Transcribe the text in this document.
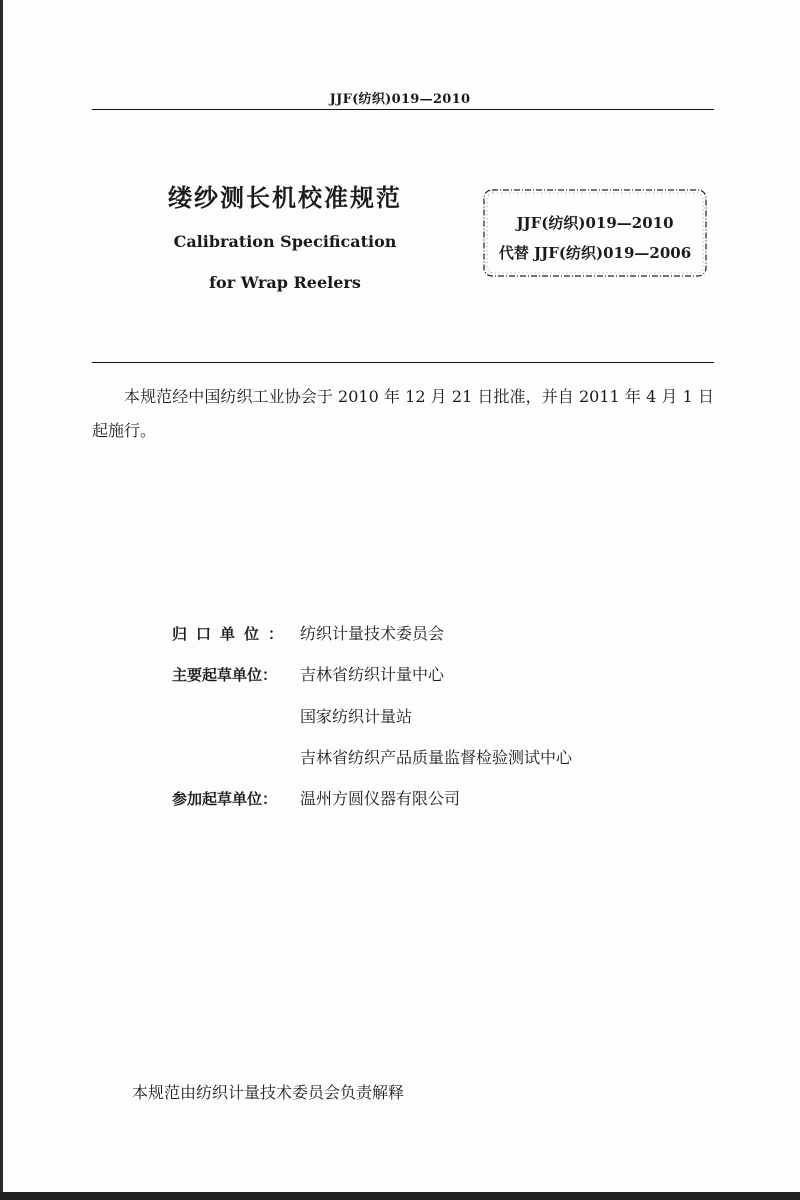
JJF(纺织)019—2010
缕纱测长机校准规范
Calibration Specification
for Wrap Reelers
JJF(纺织)019—2010
代替 JJF(纺织)019—2006
本规范经中国纺织工业协会于 2010 年 12 月 21 日批准，并自 2011 年 4 月 1 日起施行。
归口单位： 纺织计量技术委员会
主要起草单位： 吉林省纺织计量中心
国家纺织计量站
吉林省纺织产品质量监督检验测试中心
参加起草单位： 温州方圆仪器有限公司
本规范由纺织计量技术委员会负责解释
